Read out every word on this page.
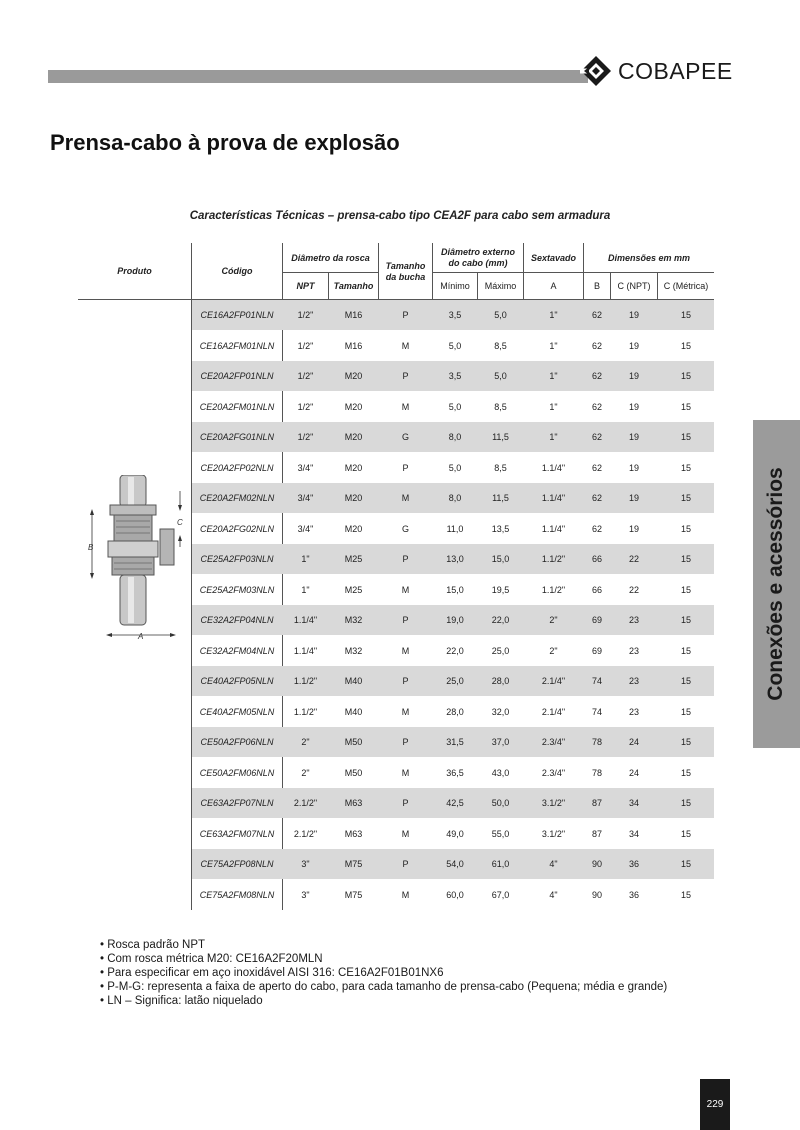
COBAPEE
Prensa-cabo à prova de explosão
Características Técnicas – prensa-cabo tipo CEA2F para cabo sem armadura
Produto	Código
Diâmetro da rosca
NPT	Tamanho
Tamanho
da bucha
Diâmetro externo
do cabo (mm)
Mínimo	Máximo
Sextavado
A
Dimensões em mm
B	C (NPT)	C (Métrica)
CE16A2FP01NLN	1/2"	M16	P	3,5	5,0	1"	62	19	15
CE16A2FM01NLN	1/2"	M16	M	5,0	8,5	1"	62	19	15
CE20A2FP01NLN	1/2"	M20	P	3,5	5,0	1"	62	19	15
CE20A2FM01NLN	1/2"	M20	M	5,0	8,5	1"	62	19	15
CE20A2FG01NLN	1/2"	M20	G	8,0	11,5	1"	62	19	15
CE20A2FP02NLN	3/4"	M20	P	5,0	8,5	1.1/4"	62	19	15
CE20A2FM02NLN	3/4"	M20	M	8,0	11,5	1.1/4"	62	19	15
CE20A2FG02NLN	3/4"	M20	G	11,0	13,5	1.1/4"	62	19	15
CE25A2FP03NLN	1"	M25	P	13,0	15,0	1.1/2"	66	22	15
CE25A2FM03NLN	1"	M25	M	15,0	19,5	1.1/2"	66	22	15
CE32A2FP04NLN	1.1/4"	M32	P	19,0	22,0	2"	69	23	15
CE32A2FM04NLN	1.1/4"	M32	M	22,0	25,0	2"	69	23	15
CE40A2FP05NLN	1.1/2"	M40	P	25,0	28,0	2.1/4"	74	23	15
CE40A2FM05NLN	1.1/2"	M40	M	28,0	32,0	2.1/4"	74	23	15
CE50A2FP06NLN	2"	M50	P	31,5	37,0	2.3/4"	78	24	15
CE50A2FM06NLN	2"	M50	M	36,5	43,0	2.3/4"	78	24	15
CE63A2FP07NLN	2.1/2"	M63	P	42,5	50,0	3.1/2"	87	34	15
CE63A2FM07NLN	2.1/2"	M63	M	49,0	55,0	3.1/2"	87	34	15
CE75A2FP08NLN	3"	M75	P	54,0	61,0	4"	90	36	15
CE75A2FM08NLN	3"	M75	M	60,0	67,0	4"	90	36	15
B
C
A	Conexões e acessórios
• Rosca padrão NPT
• Com rosca métrica M20: CE16A2F20MLN
• Para especificar em aço inoxidável AISI 316: CE16A2F01B01NX6
• P-M-G: representa a faixa de aperto do cabo, para cada tamanho de prensa-cabo (Pequena; média e grande)
• LN – Significa: latão niquelado
229
